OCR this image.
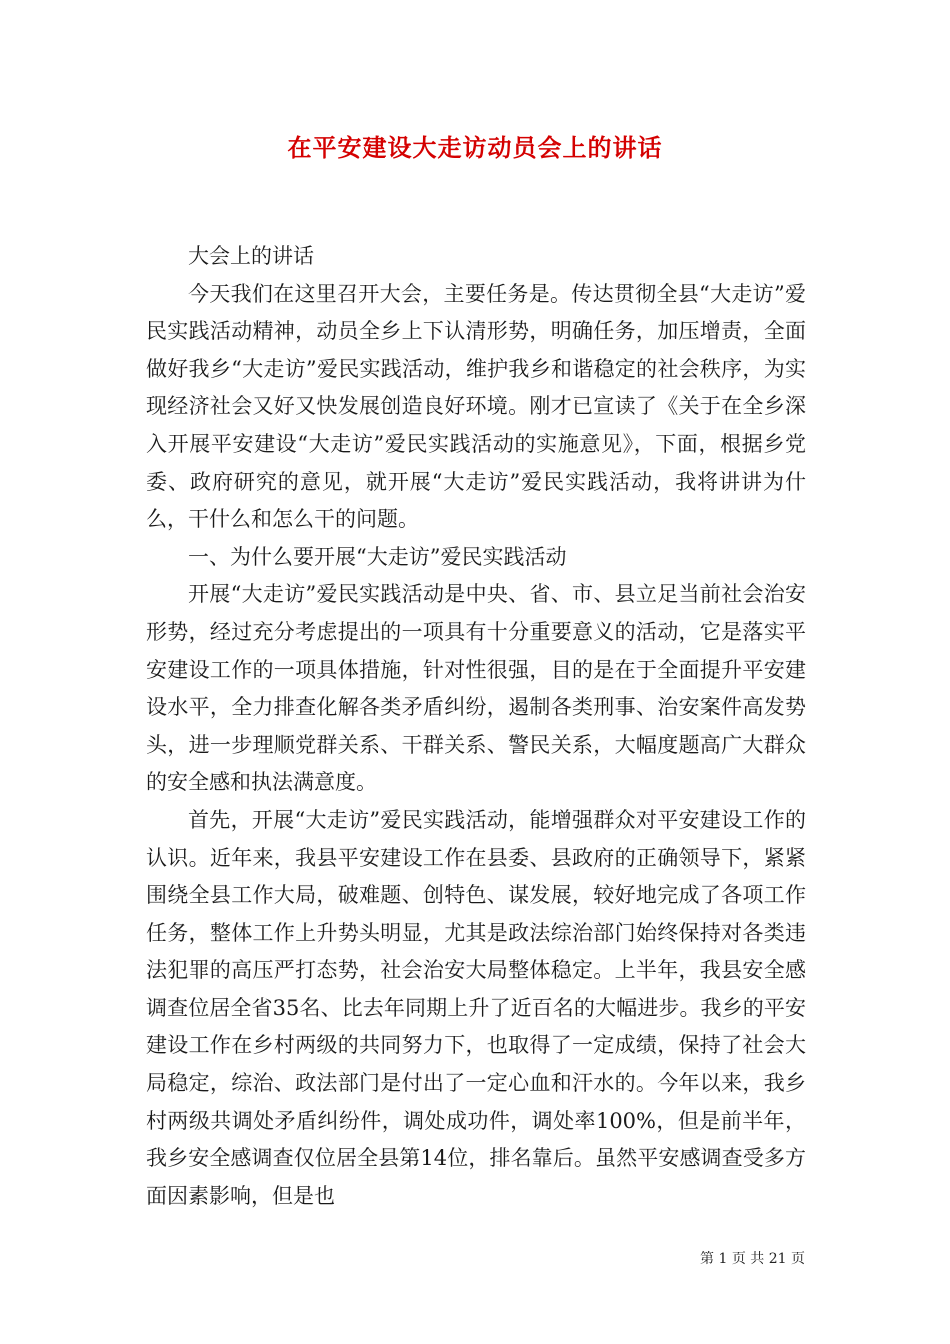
在平安建设大走访动员会上的讲话

大会上的讲话

今天我们在这里召开大会，主要任务是。传达贯彻全县“大走访”爱民实践活动精神，动员全乡上下认清形势，明确任务，加压增责，全面做好我乡“大走访”爱民实践活动，维护我乡和谐稳定的社会秩序，为实现经济社会又好又快发展创造良好环境。刚才已宣读了《关于在全乡深入开展平安建设“大走访”爱民实践活动的实施意见》，下面，根据乡党委、政府研究的意见，就开展“大走访”爱民实践活动，我将讲讲为什么，干什么和怎么干的问题。

一、为什么要开展“大走访”爱民实践活动

开展“大走访”爱民实践活动是中央、省、市、县立足当前社会治安形势，经过充分考虑提出的一项具有十分重要意义的活动，它是落实平安建设工作的一项具体措施，针对性很强，目的是在于全面提升平安建设水平，全力排查化解各类矛盾纠纷，遏制各类刑事、治安案件高发势头，进一步理顺党群关系、干群关系、警民关系，大幅度题高广大群众的安全感和执法满意度。

首先，开展“大走访”爱民实践活动，能增强群众对平安建设工作的认识。近年来，我县平安建设工作在县委、县政府的正确领导下，紧紧围绕全县工作大局，破难题、创特色、谋发展，较好地完成了各项工作任务，整体工作上升势头明显，尤其是政法综治部门始终保持对各类违法犯罪的高压严打态势，社会治安大局整体稳定。上半年，我县安全感调查位居全省35名、比去年同期上升了近百名的大幅进步。我乡的平安建设工作在乡村两级的共同努力下，也取得了一定成绩，保持了社会大局稳定，综治、政法部门是付出了一定心血和汗水的。今年以来，我乡村两级共调处矛盾纠纷件，调处成功件，调处率100%，但是前半年，我乡安全感调查仅位居全县第14位，排名靠后。虽然平安感调查受多方面因素影响，但是也

第 1 页 共 21 页
